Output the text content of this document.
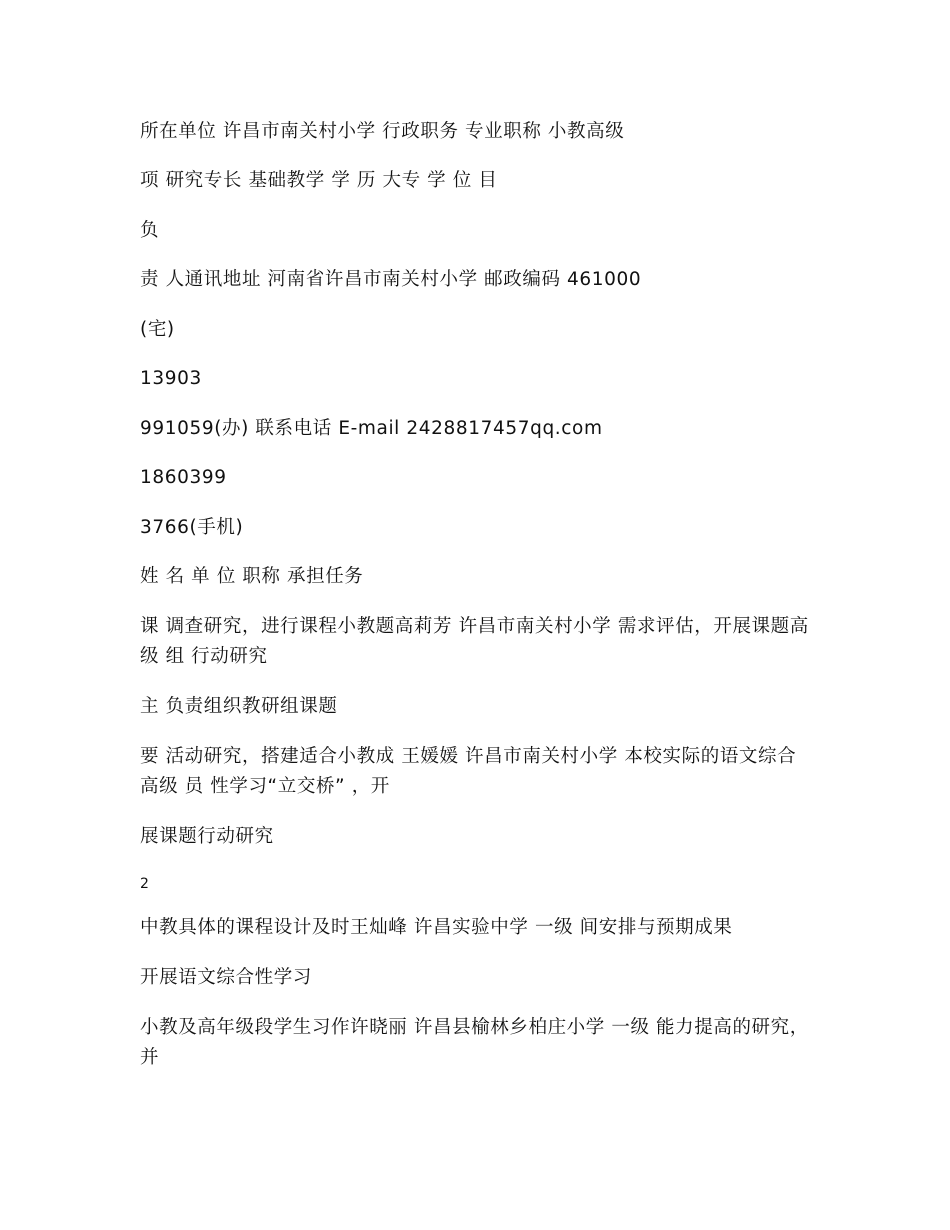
所在单位 许昌市南关村小学 行政职务 专业职称 小教高级
项 研究专长 基础教学 学 历 大专 学 位 目
负
责 人通讯地址 河南省许昌市南关村小学 邮政编码 461000
(宅)
13903
991059(办) 联系电话 E-mail 2428817457qq.com
1860399
3766(手机)
姓 名 单 位 职称 承担任务
课 调查研究，进行课程小教题高莉芳 许昌市南关村小学 需求评估，开展课题高级 组 行动研究
主 负责组织教研组课题
要 活动研究，搭建适合小教成 王媛媛 许昌市南关村小学 本校实际的语文综合高级 员 性学习“立交桥” ，开
展课题行动研究
2
中教具体的课程设计及时王灿峰 许昌实验中学 一级 间安排与预期成果
开展语文综合性学习
小教及高年级段学生习作许晓丽 许昌县榆林乡柏庄小学 一级 能力提高的研究，并
